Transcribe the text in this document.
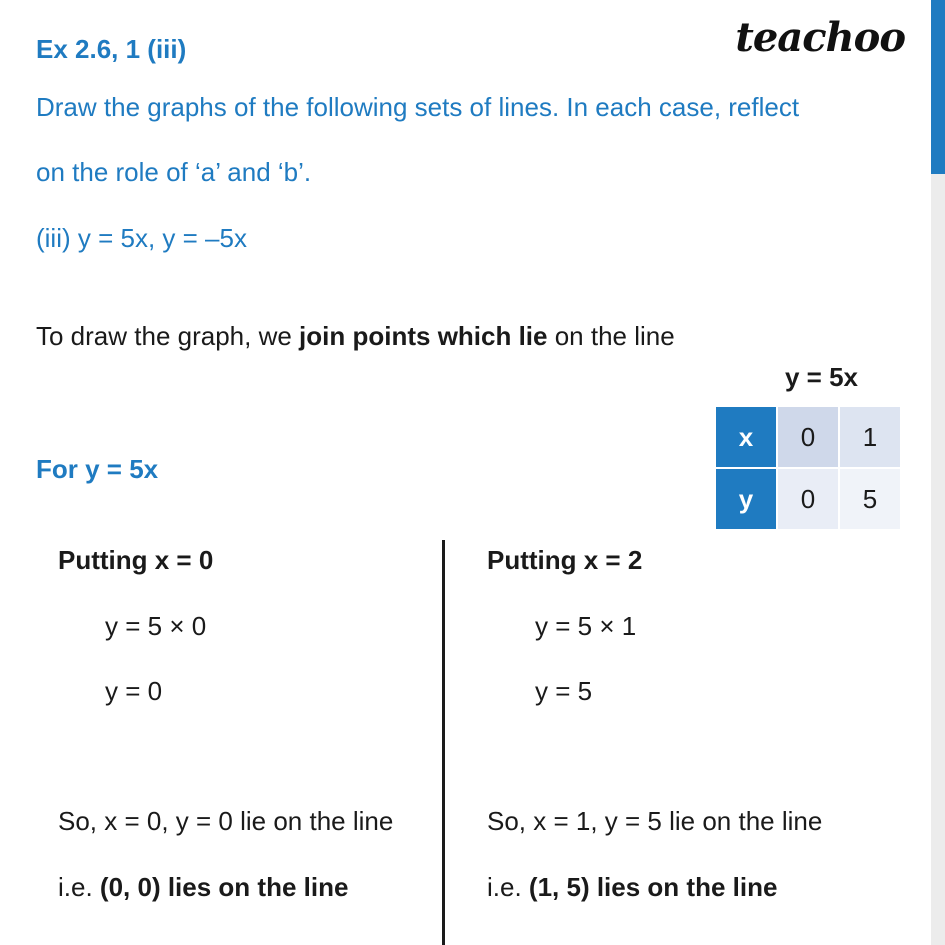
Ex 2.6, 1 (iii)	teachoo
Draw the graphs of the following sets of lines. In each case, reflect
on the role of ‘a’ and ‘b’.
(iii) y = 5x, y = –5x
To draw the graph, we join points which lie on the line
y = 5x
x	0	1
y	0	5
For y = 5x
Putting x = 0
y = 5 × 0
y = 0
So, x = 0, y = 0 lie on the line
i.e. (0, 0) lies on the line
Putting x = 2
y = 5 × 1
y = 5
So, x = 1, y = 5 lie on the line
i.e. (1, 5) lies on the line
